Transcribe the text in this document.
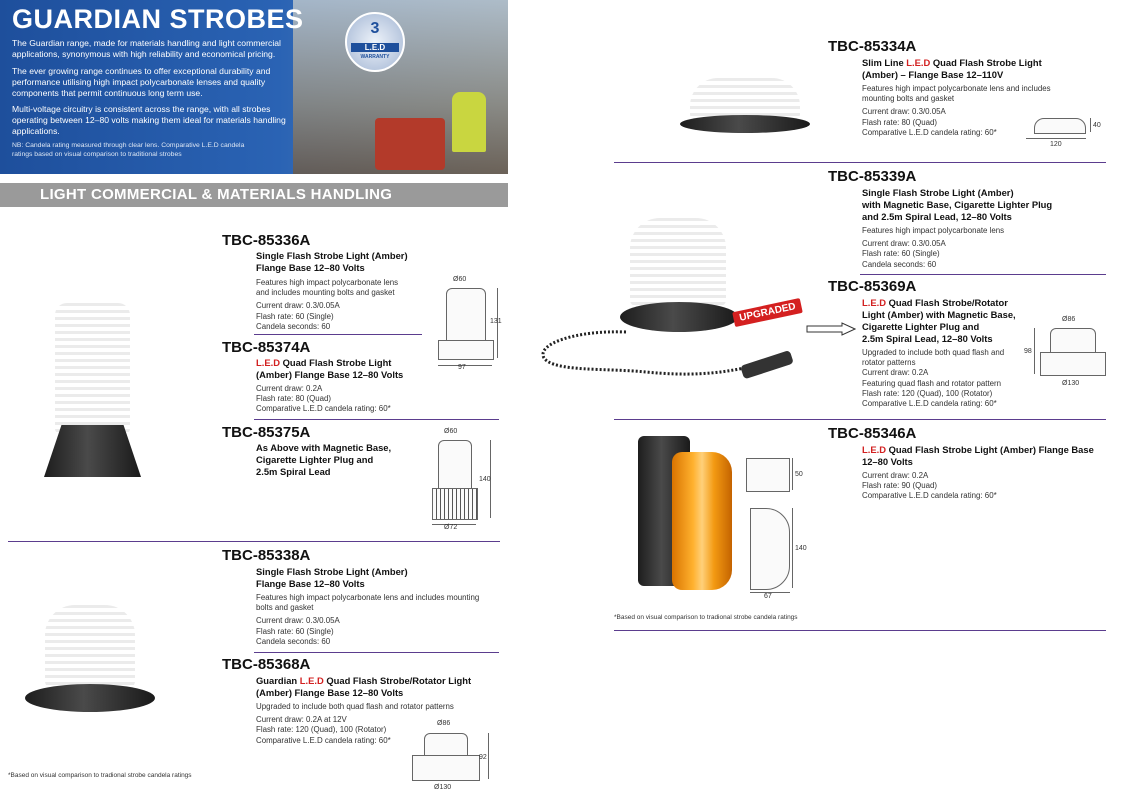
GUARDIAN STROBES
The Guardian range, made for materials handling and light commercial applications, synonymous with high reliability and economical pricing.
The ever growing range continues to offer exceptional durability and performance utilising high impact polycarbonate lenses and quality components that permit continuous long term use.
Multi-voltage circuitry is consistent across the range, with all strobes operating between 12–80 volts making them ideal for materials handling applications.
NB: Candela rating measured through clear lens. Comparative L.E.D candela ratings based on visual comparison to traditional strobes
3
L.E.D
WARRANTY
LIGHT COMMERCIAL & MATERIALS HANDLING
TBC-85336A
Single Flash Strobe Light (Amber)
Flange Base 12–80 Volts
Features high impact polycarbonate lens
and includes mounting bolts and gasket
Current draw: 0.3/0.05A
Flash rate: 60 (Single)
Candela seconds: 60
Ø60
131
97
TBC-85374A
L.E.D Quad Flash Strobe Light
(Amber) Flange Base 12–80 Volts
Current draw: 0.2A
Flash rate: 80 (Quad)
Comparative L.E.D candela rating: 60*
TBC-85375A
As Above with Magnetic Base,
Cigarette Lighter Plug and
2.5m Spiral Lead
Ø60
140
Ø72
TBC-85338A
Single Flash Strobe Light (Amber)
Flange Base 12–80 Volts
Features high impact polycarbonate lens and includes mounting
bolts and gasket
Current draw: 0.3/0.05A
Flash rate: 60 (Single)
Candela seconds: 60
TBC-85368A
Guardian L.E.D Quad Flash Strobe/Rotator Light
(Amber) Flange Base 12–80 Volts
Upgraded to include both quad flash and rotator patterns
Current draw: 0.2A at 12V
Flash rate: 120 (Quad), 100 (Rotator)
Comparative L.E.D candela rating: 60*
Ø86
92
Ø130
*Based on visual comparison to tradional strobe candela ratings
TBC-85334A
Slim Line L.E.D Quad Flash Strobe Light
(Amber) – Flange Base 12–110V
Features high impact polycarbonate lens and includes
mounting bolts and gasket
Current draw: 0.3/0.05A
Flash rate: 80 (Quad)
Comparative L.E.D candela rating: 60*
40
120
UPGRADED
TBC-85339A
Single Flash Strobe Light (Amber)
with Magnetic Base, Cigarette Lighter Plug
and 2.5m Spiral Lead, 12–80 Volts
Features high impact polycarbonate lens
Current draw: 0.3/0.05A
Flash rate: 60 (Single)
Candela seconds: 60
TBC-85369A
L.E.D Quad Flash Strobe/Rotator
Light (Amber) with Magnetic Base,
Cigarette Lighter Plug and
2.5m Spiral Lead, 12–80 Volts
Upgraded to include both quad flash and
rotator patterns
Current draw: 0.2A
Featuring quad flash and rotator pattern
Flash rate: 120 (Quad), 100 (Rotator)
Comparative L.E.D candela rating: 60*
Ø86
98
Ø130
TBC-85346A
L.E.D Quad Flash Strobe Light (Amber) Flange Base
12–80 Volts
Current draw: 0.2A
Flash rate: 90 (Quad)
Comparative L.E.D candela rating: 60*
50
140
67
*Based on visual comparison to tradional strobe candela ratings
